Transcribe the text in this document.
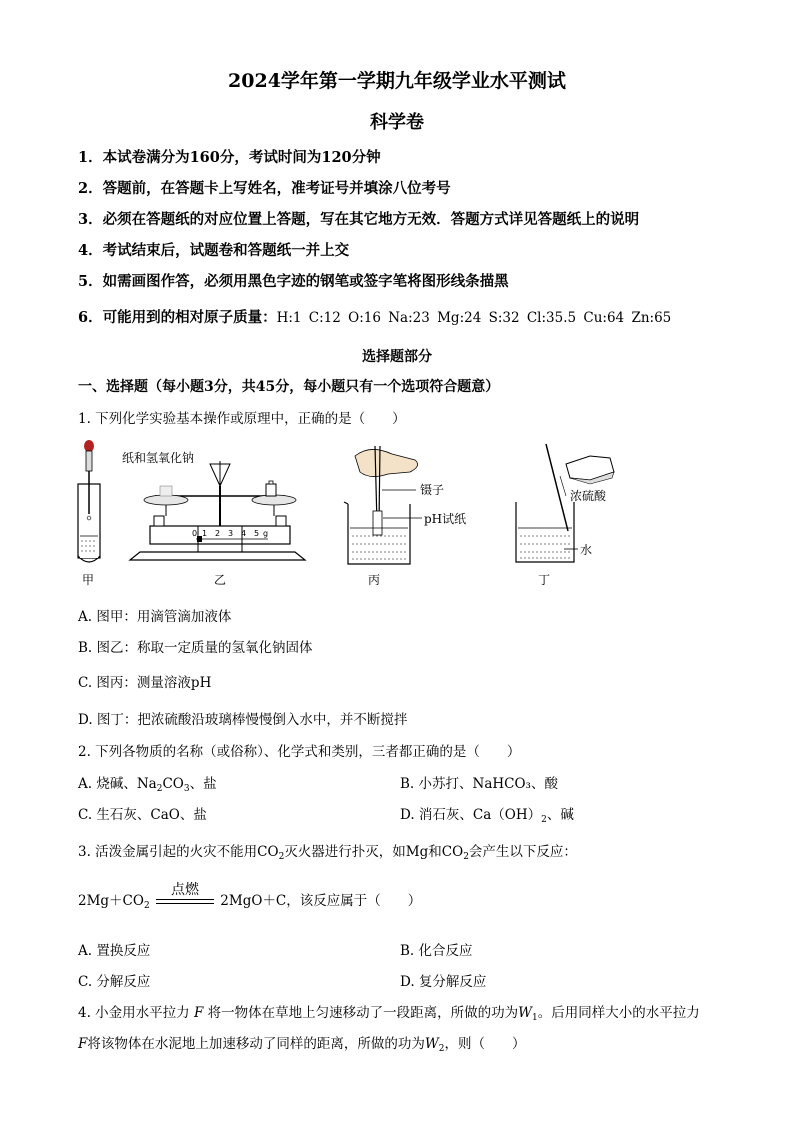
2024学年第一学期九年级学业水平测试
科学卷
1．本试卷满分为160分，考试时间为120分钟
2．答题前，在答题卡上写姓名，准考证号并填涂八位考号
3．必须在答题纸的对应位置上答题，写在其它地方无效．答题方式详见答题纸上的说明
4．考试结束后，试题卷和答题纸一并上交
5．如需画图作答，必须用黑色字迹的钢笔或签字笔将图形线条描黑
6．可能用到的相对原子质量：H:1 C:12 O:16 Na:23 Mg:24 S:32 Cl:35.5 Cu:64 Zn:65
选择题部分
一、选择题（每小题3分，共45分，每小题只有一个选项符合题意）
1. 下列化学实验基本操作或原理中，正确的是（　　）
甲
0 1 2 3 4 5 g
纸和氢氧化钠
乙
镊子
pH试纸
丙
浓硫酸
水
丁
A. 图甲：用滴管滴加液体
B. 图乙：称取一定质量的氢氧化钠固体
C. 图丙：测量溶液pH
D. 图丁：把浓硫酸沿玻璃棒慢慢倒入水中，并不断搅拌
2. 下列各物质的名称（或俗称）、化学式和类别，三者都正确的是（　　）
A. 烧碱、$Na_2CO_3$、盐	B. 小苏打、NaHCO₃、酸
C. 生石灰、CaO、盐	D. 消石灰、$Ca(OH)_2$、碱
3. 活泼金属引起的火灾不能用$CO_2$灭火器进行扑灭，如Mg和$CO_2$会产生以下反应：
$2Mg+CO_2$
点燃
2MgO＋C，该反应属于（　　）
A. 置换反应	B. 化合反应
C. 分解反应	D. 复分解反应
4. 小金用水平拉力 F 将一物体在草地上匀速移动了一段距离，所做的功为$W_1$。后用同样大小的水平拉力
F将该物体在水泥地上加速移动了同样的距离，所做的功为$W_2$，则（　　）
